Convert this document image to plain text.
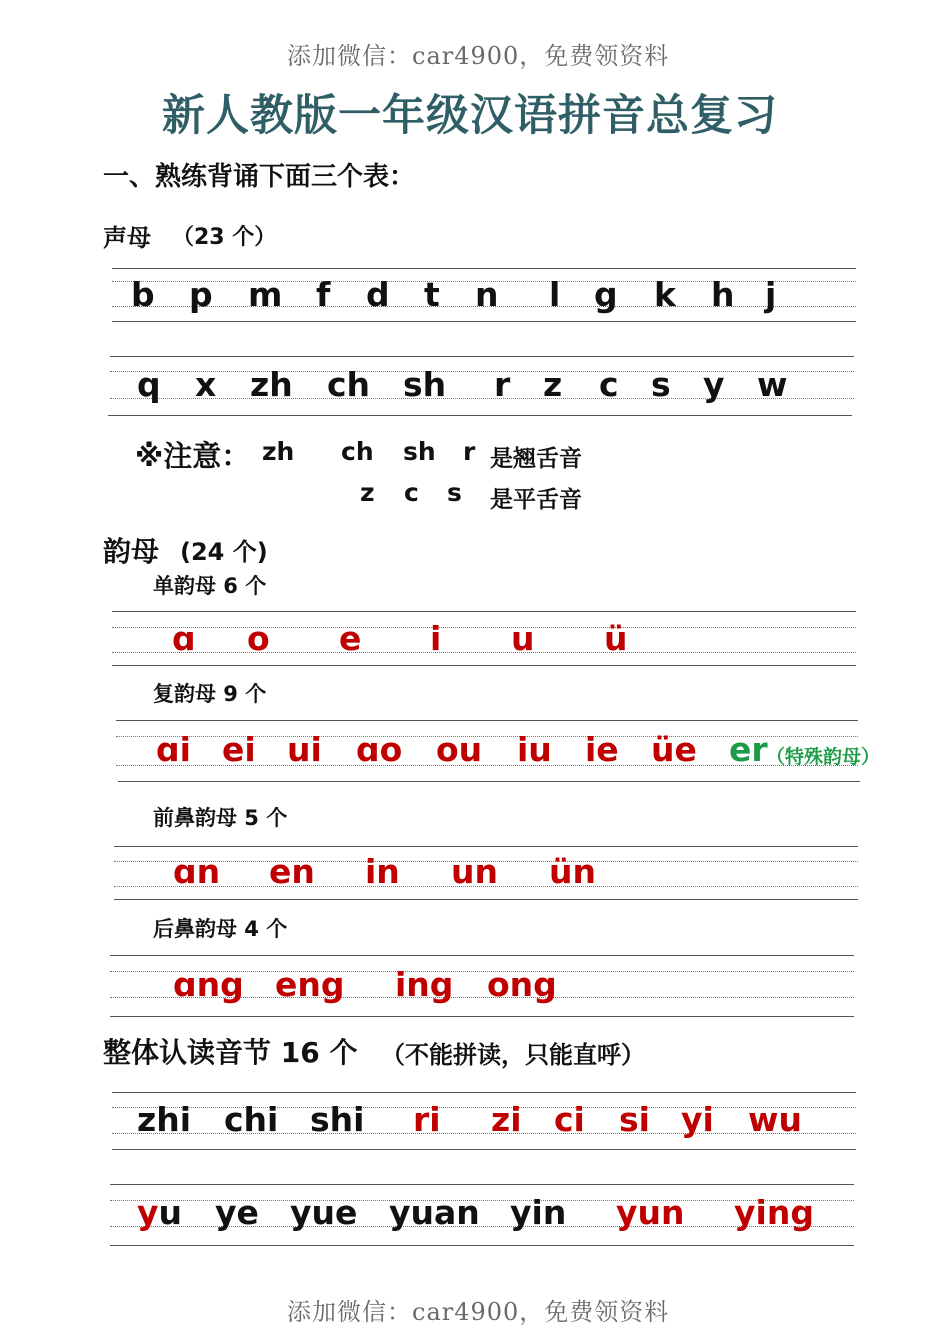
添加微信：car4900，免费领资料
新人教版一年级汉语拼音总复习
一、熟练背诵下面三个表：
声母 （23 个）
b p m f d t n l g k h j
q x zh ch sh r z c s y w
※注意： zh ch sh r 是翘舌音
z c s 是平舌音
韵母 (24 个)
单韵母 6 个
ɑ o e i u ü
复韵母 9 个
ɑi ei ui ɑo ou iu ie üe er
（特殊韵母）
前鼻韵母 5 个
ɑn en in un ün
后鼻韵母 4 个
ɑng eng ing ong
整体认读音节 16 个 （不能拼读，只能直呼）
zhi chi shi ri zi ci si yi wu
yu ye yue yuan yin yun ying
添加微信：car4900，免费领资料
